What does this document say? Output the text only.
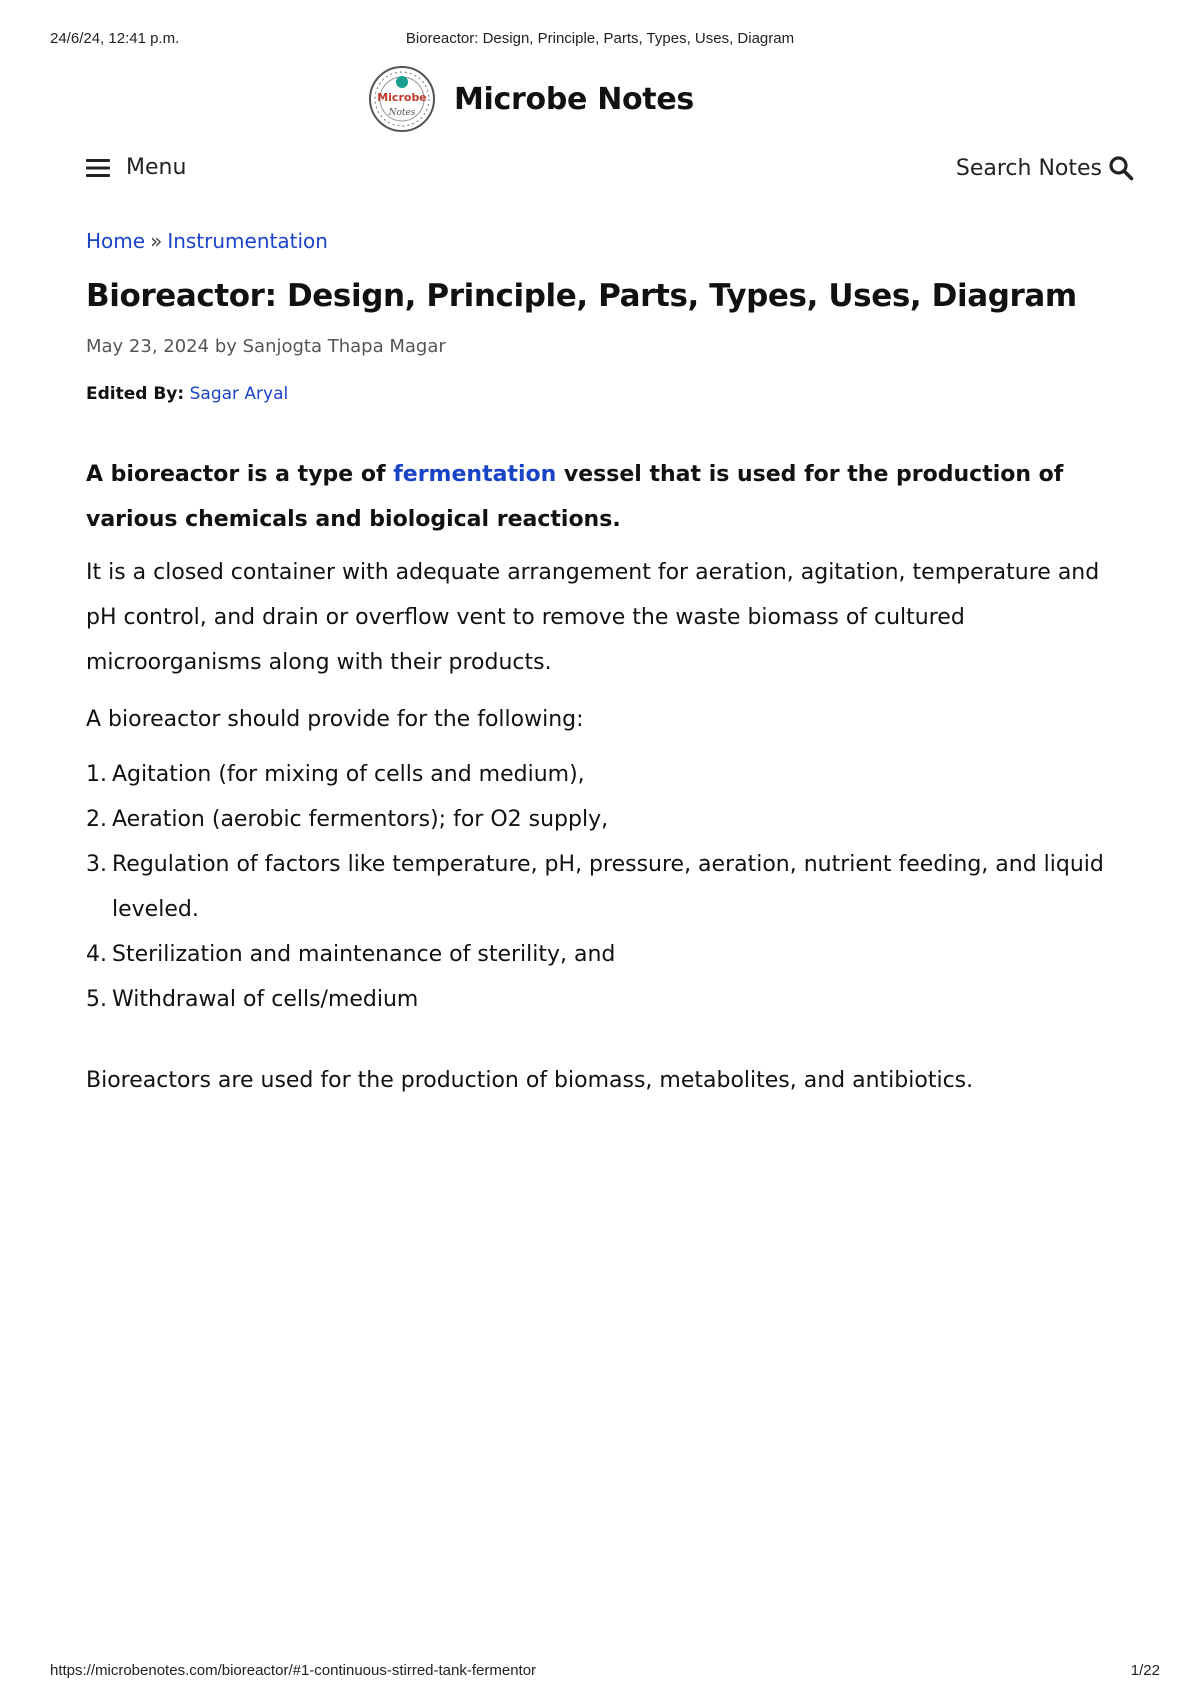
24/6/24, 12:41 p.m.	Bioreactor: Design, Principle, Parts, Types, Uses, Diagram
Microbe
Notes Microbe Notes
Menu	Search Notes
Home » Instrumentation
Bioreactor: Design, Principle, Parts, Types, Uses, Diagram
May 23, 2024 by Sanjogta Thapa Magar
Edited By: Sagar Aryal

A bioreactor is a type of fermentation vessel that is used for the production of various chemicals and biological reactions.

It is a closed container with adequate arrangement for aeration, agitation, temperature and pH control, and drain or overflow vent to remove the waste biomass of cultured microorganisms along with their products.

A bioreactor should provide for the following:

1. Agitation (for mixing of cells and medium),
2. Aeration (aerobic fermentors); for O2 supply,
3. Regulation of factors like temperature, pH, pressure, aeration, nutrient feeding, and liquid leveled.
4. Sterilization and maintenance of sterility, and
5. Withdrawal of cells/medium

Bioreactors are used for the production of biomass, metabolites, and antibiotics.

https://microbenotes.com/bioreactor/#1-continuous-stirred-tank-fermentor	1/22
